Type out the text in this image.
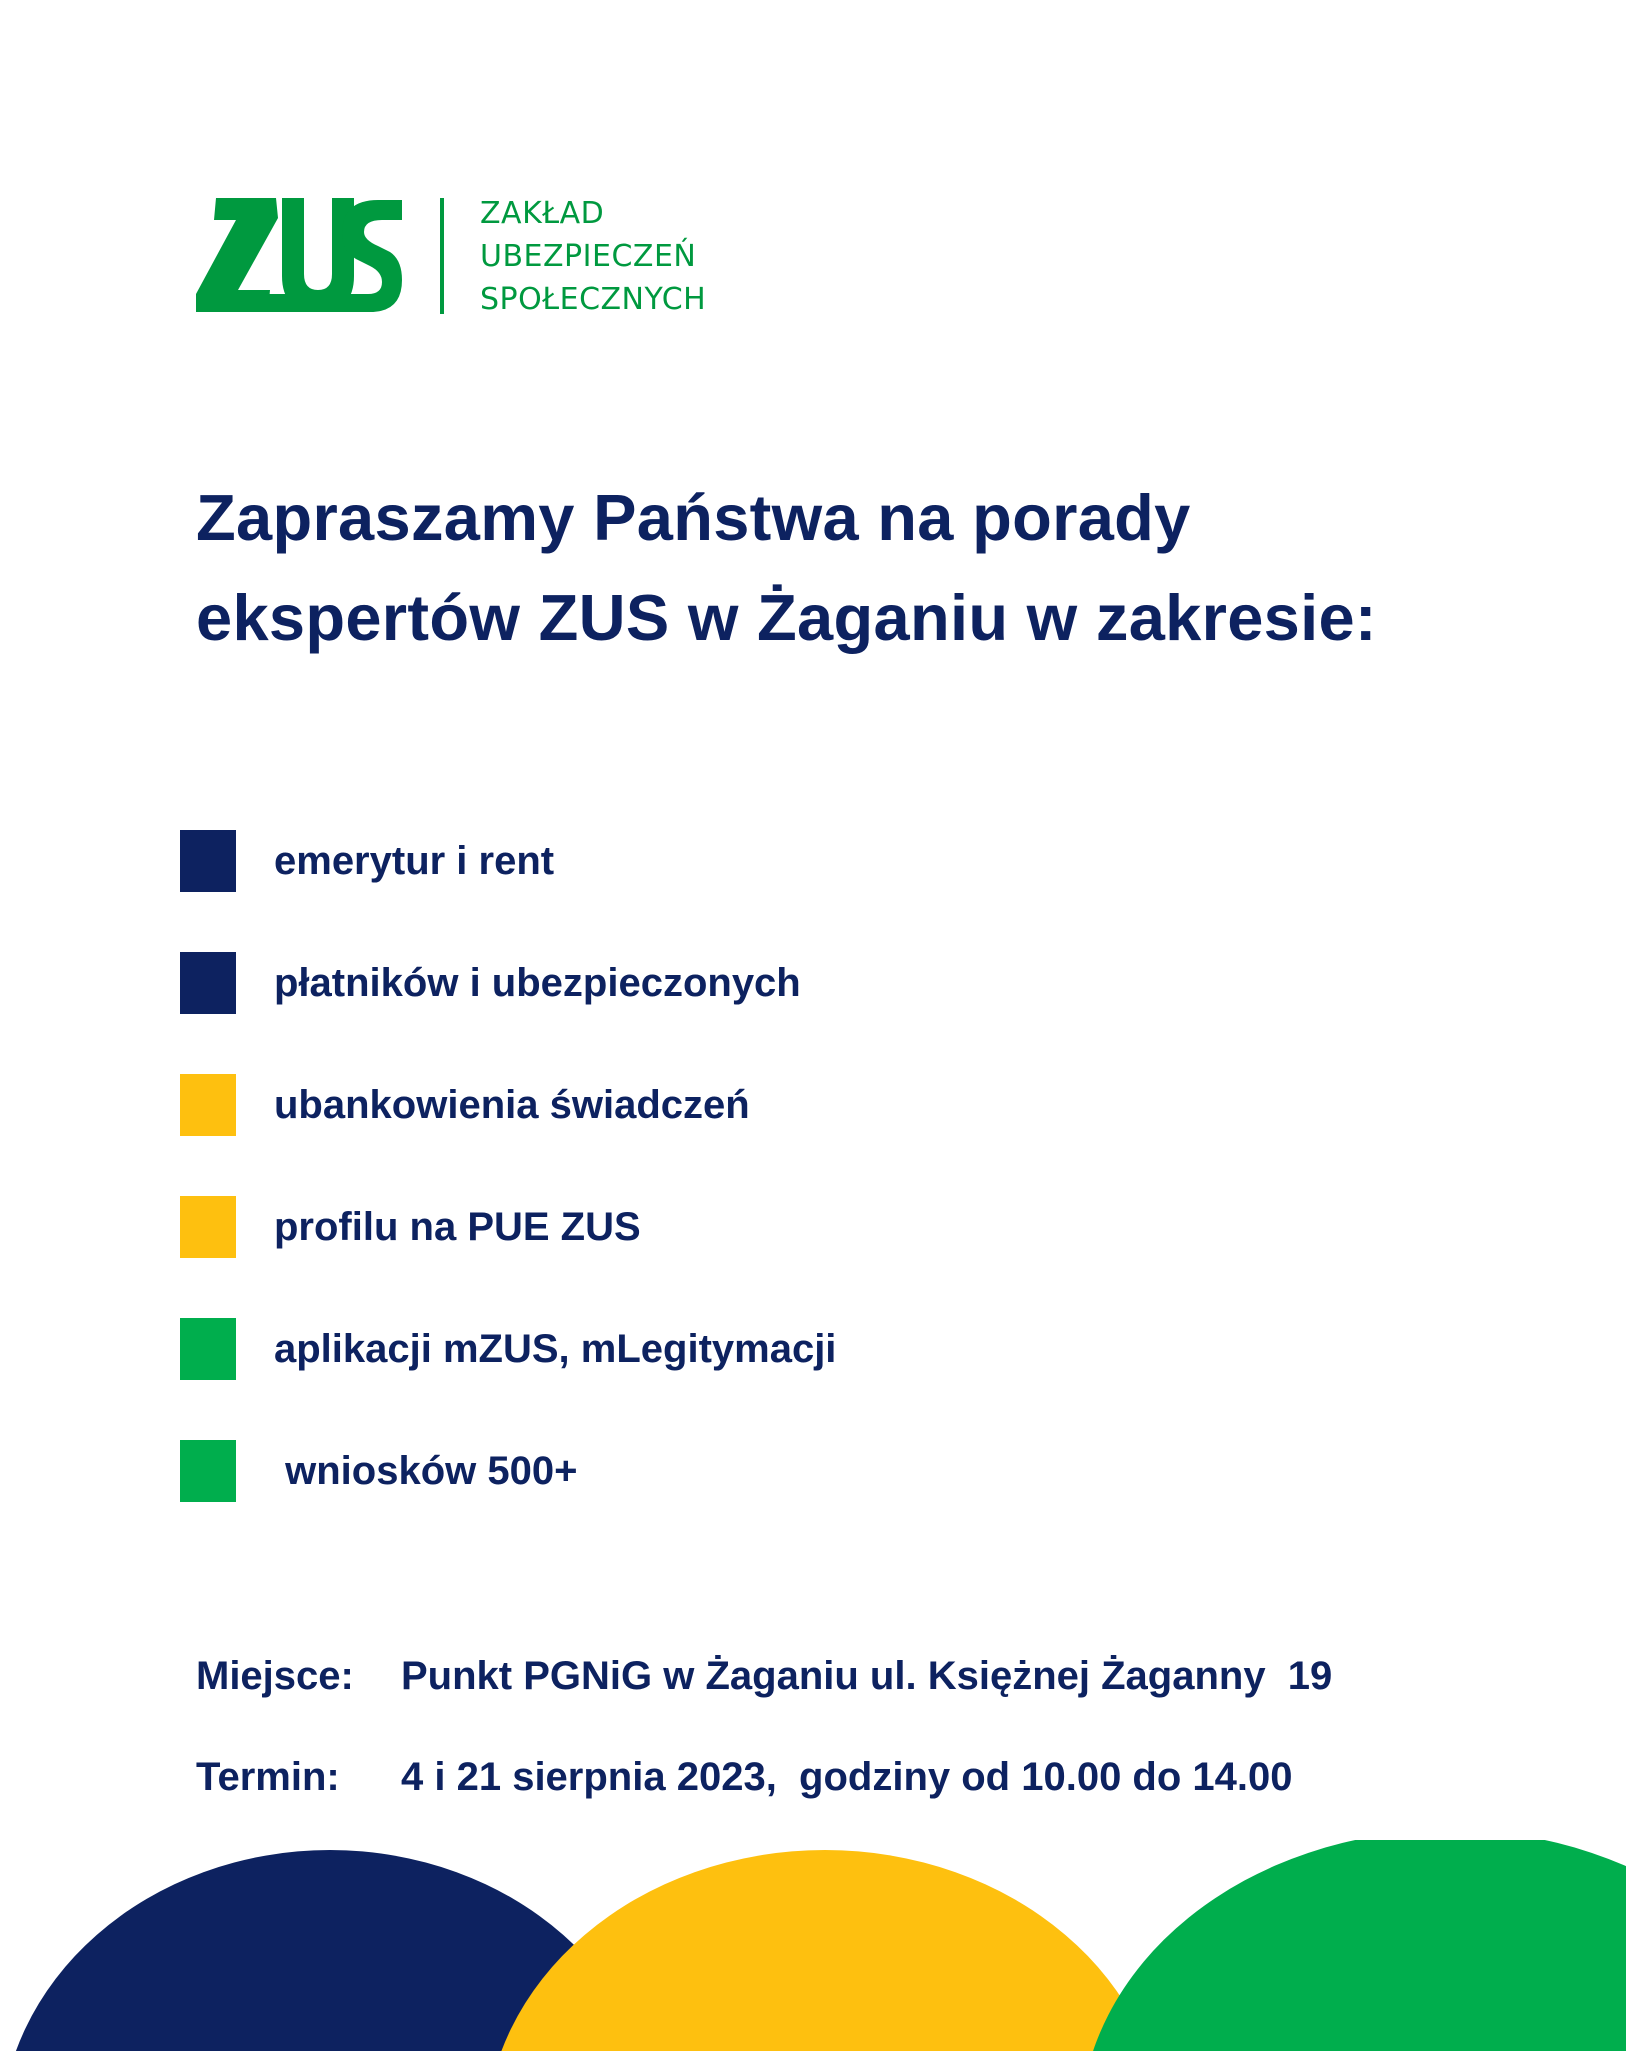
ZAKŁAD
UBEZPIECZEŃ
SPOŁECZNYCH
Zapraszamy Państwa na porady
ekspertów ZUS w Żaganiu w zakresie:
emerytur i rent
płatników i ubezpieczonych
ubankowienia świadczeń
profilu na PUE ZUS
aplikacji mZUS, mLegitymacji
wniosków 500+

Miejsce:

Punkt PGNiG w Żaganiu ul. Księżnej Żaganny  19

Termin:

4 i 21 sierpnia 2023,  godziny od 10.00 do 14.00
